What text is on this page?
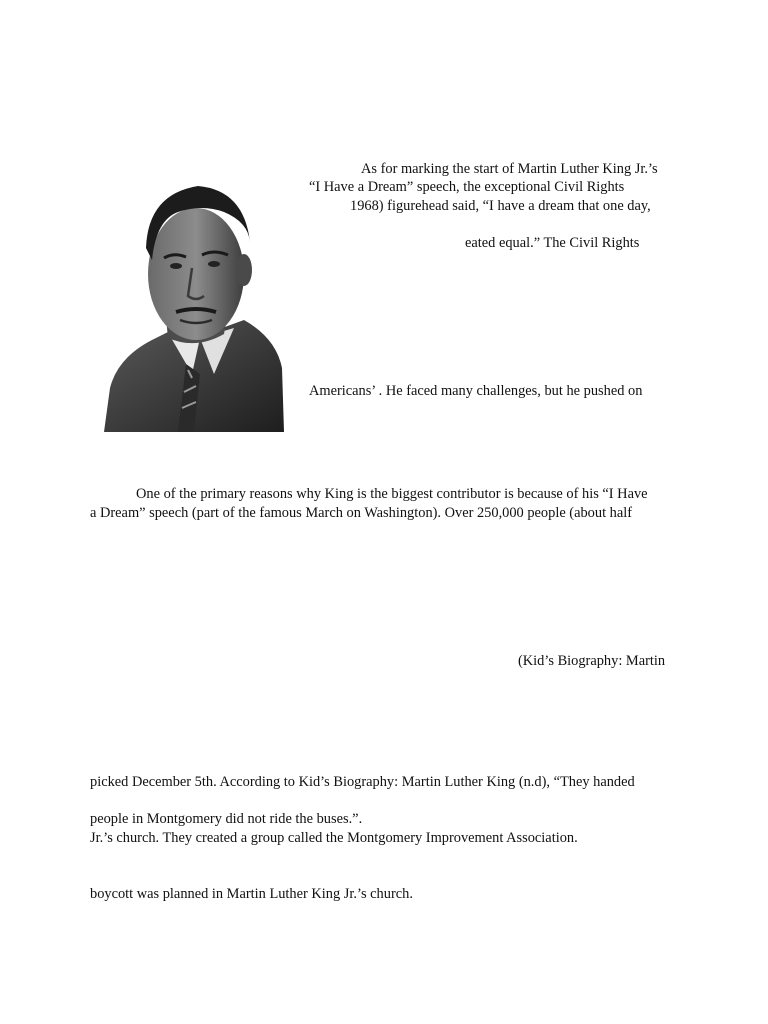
As for marking the start of Martin Luther King Jr.’s
“I Have a Dream” speech, the exceptional Civil Rights
1968) figurehead said, “I have a dream that one day,
eated equal.” The Civil Rights
Americans’ . He faced many challenges, but he pushed on
One of the primary reasons why King is the biggest contributor is because of his “I Have
a Dream” speech (part of the famous March on Washington). Over 250,000 people (about half
(Kid’s Biography: Martin
picked December 5th. According to Kid’s Biography: Martin Luther King (n.d), “They handed
people in Montgomery did not ride the buses.”.
Jr.’s church. They created a group called the Montgomery Improvement Association.
boycott was planned in Martin Luther King Jr.’s church.
